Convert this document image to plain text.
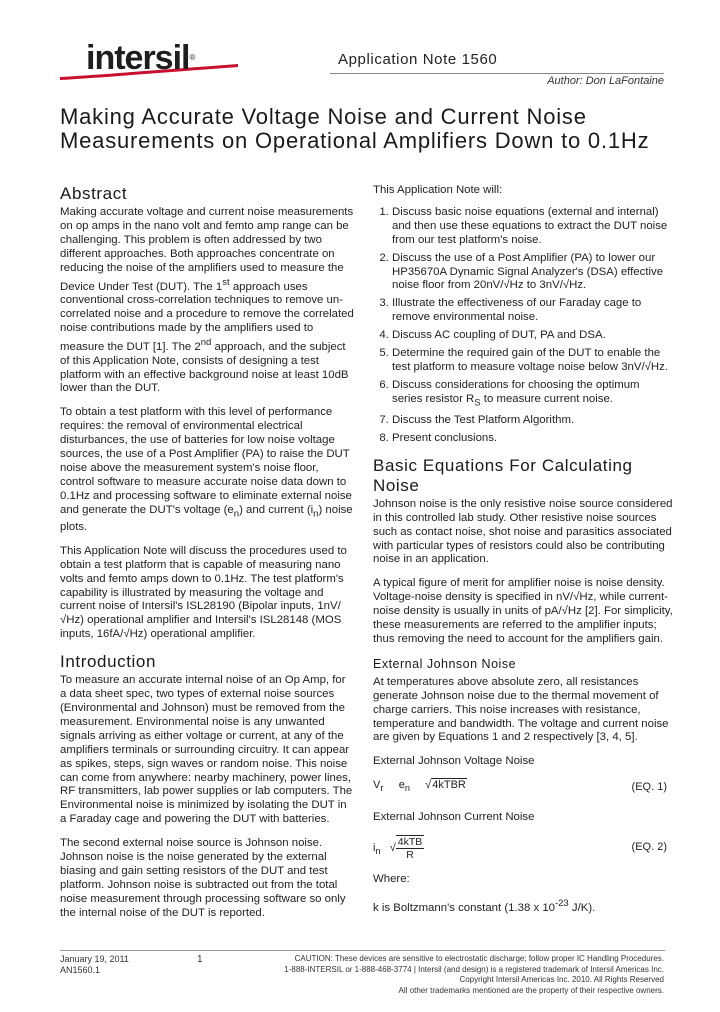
intersil®	Application Note 1560
Author: Don LaFontaine
Making Accurate Voltage Noise and Current Noise Measurements on Operational Amplifiers Down to 0.1Hz
Abstract

Making accurate voltage and current noise measurements on op amps in the nano volt and femto amp range can be challenging. This problem is often addressed by two different approaches. Both approaches concentrate on reducing the noise of the amplifiers used to measure the Device Under Test (DUT). The 1st approach uses conventional cross-correlation techniques to remove un-correlated noise and a procedure to remove the correlated noise contributions made by the amplifiers used to measure the DUT [1]. The 2nd approach, and the subject of this Application Note, consists of designing a test platform with an effective background noise at least 10dB lower than the DUT.

To obtain a test platform with this level of performance requires: the removal of environmental electrical disturbances, the use of batteries for low noise voltage sources, the use of a Post Amplifier (PA) to raise the DUT noise above the measurement system's noise floor, control software to measure accurate noise data down to 0.1Hz and processing software to eliminate external noise and generate the DUT's voltage $(e_n)$ and current $(i_n)$ noise plots.

This Application Note will discuss the procedures used to obtain a test platform that is capable of measuring nano volts and femto amps down to 0.1Hz. The test platform's capability is illustrated by measuring the voltage and current noise of Intersil's ISL28190 (Bipolar inputs, 1nV/√Hz) operational amplifier and Intersil's ISL28148 (MOS inputs, 16fA/√Hz) operational amplifier.

Introduction

To measure an accurate internal noise of an Op Amp, for a data sheet spec, two types of external noise sources (Environmental and Johnson) must be removed from the measurement. Environmental noise is any unwanted signals arriving as either voltage or current, at any of the amplifiers terminals or surrounding circuitry. It can appear as spikes, steps, sign waves or random noise. This noise can come from anywhere: nearby machinery, power lines, RF transmitters, lab power supplies or lab computers. The Environmental noise is minimized by isolating the DUT in a Faraday cage and powering the DUT with batteries.

The second external noise source is Johnson noise. Johnson noise is the noise generated by the external biasing and gain setting resistors of the DUT and test platform. Johnson noise is subtracted out from the total noise measurement through processing software so only the internal noise of the DUT is reported.

This Application Note will:

1. Discuss basic noise equations (external and internal) and then use these equations to extract the DUT noise from our test platform's noise.
2. Discuss the use of a Post Amplifier (PA) to lower our HP35670A Dynamic Signal Analyzer's (DSA) effective noise floor from 20nV/√Hz to 3nV/√Hz.
3. Illustrate the effectiveness of our Faraday cage to remove environmental noise.
4. Discuss AC coupling of DUT, PA and DSA.
5. Determine the required gain of the DUT to enable the test platform to measure voltage noise below 3nV/√Hz.
6. Discuss considerations for choosing the optimum series resistor $R_S$ to measure current noise.
7. Discuss the Test Platform Algorithm.
8. Present conclusions.
Basic Equations For Calculating Noise

Johnson noise is the only resistive noise source considered in this controlled lab study. Other resistive noise sources such as contact noise, shot noise and parasitics associated with particular types of resistors could also be contributing noise in an application.

A typical figure of merit for amplifier noise is noise density. Voltage-noise density is specified in nV/√Hz, while current-noise density is usually in units of pA/√Hz [2]. For simplicity, these measurements are referred to the amplifier inputs; thus removing the need to account for the amplifiers gain.

External Johnson Noise

At temperatures above absolute zero, all resistances generate Johnson noise due to the thermal movement of charge carriers. This noise increases with resistance, temperature and bandwidth. The voltage and current noise are given by Equations 1 and 2 respectively [3, 4, 5].

External Johnson Voltage Noise

$V_r$ $e_n$     √4kTBR	(EQ. 1)

External Johnson Current Noise

$i_n$   √ $\frac{\text{4kTB}}{R}$	(EQ. 2)

Where:

k is Boltzmann's constant (1.38 x $10^{-23}$ J/K).

January 19, 2011
AN1560.1
1	CAUTION: These devices are sensitive to electrostatic discharge; follow proper IC Handling Procedures.
1-888-INTERSIL or 1-888-468-3774 | Intersil (and design) is a registered trademark of Intersil Americas Inc.
Copyright Intersil Americas Inc. 2010. All Rights Reserved
All other trademarks mentioned are the property of their respective owners.
